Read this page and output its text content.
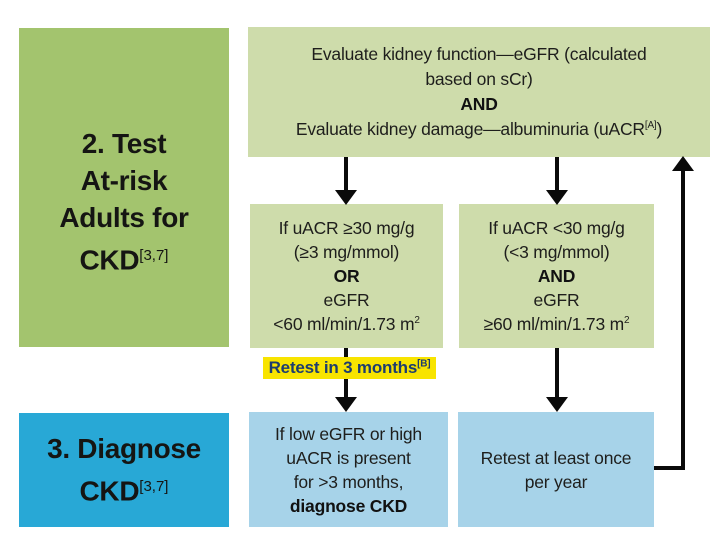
2. Test
At-risk
Adults for
CKD[3,7]
3. Diagnose
CKD[3,7]
Evaluate kidney function—eGFR (calculated
based on sCr)
AND
Evaluate kidney damage—albuminuria (uACR[A])
If uACR ≥30 mg/g
(≥3 mg/mmol)
OR
eGFR
<60 ml/min/1.73 $m^2$
If uACR <30 mg/g
(<3 mg/mmol)
AND
eGFR
≥60 ml/min/1.73 $m^2$
Retest in 3 months[B]
If low eGFR or high
uACR is present
for >3 months,
diagnose CKD
Retest at least once
per year
